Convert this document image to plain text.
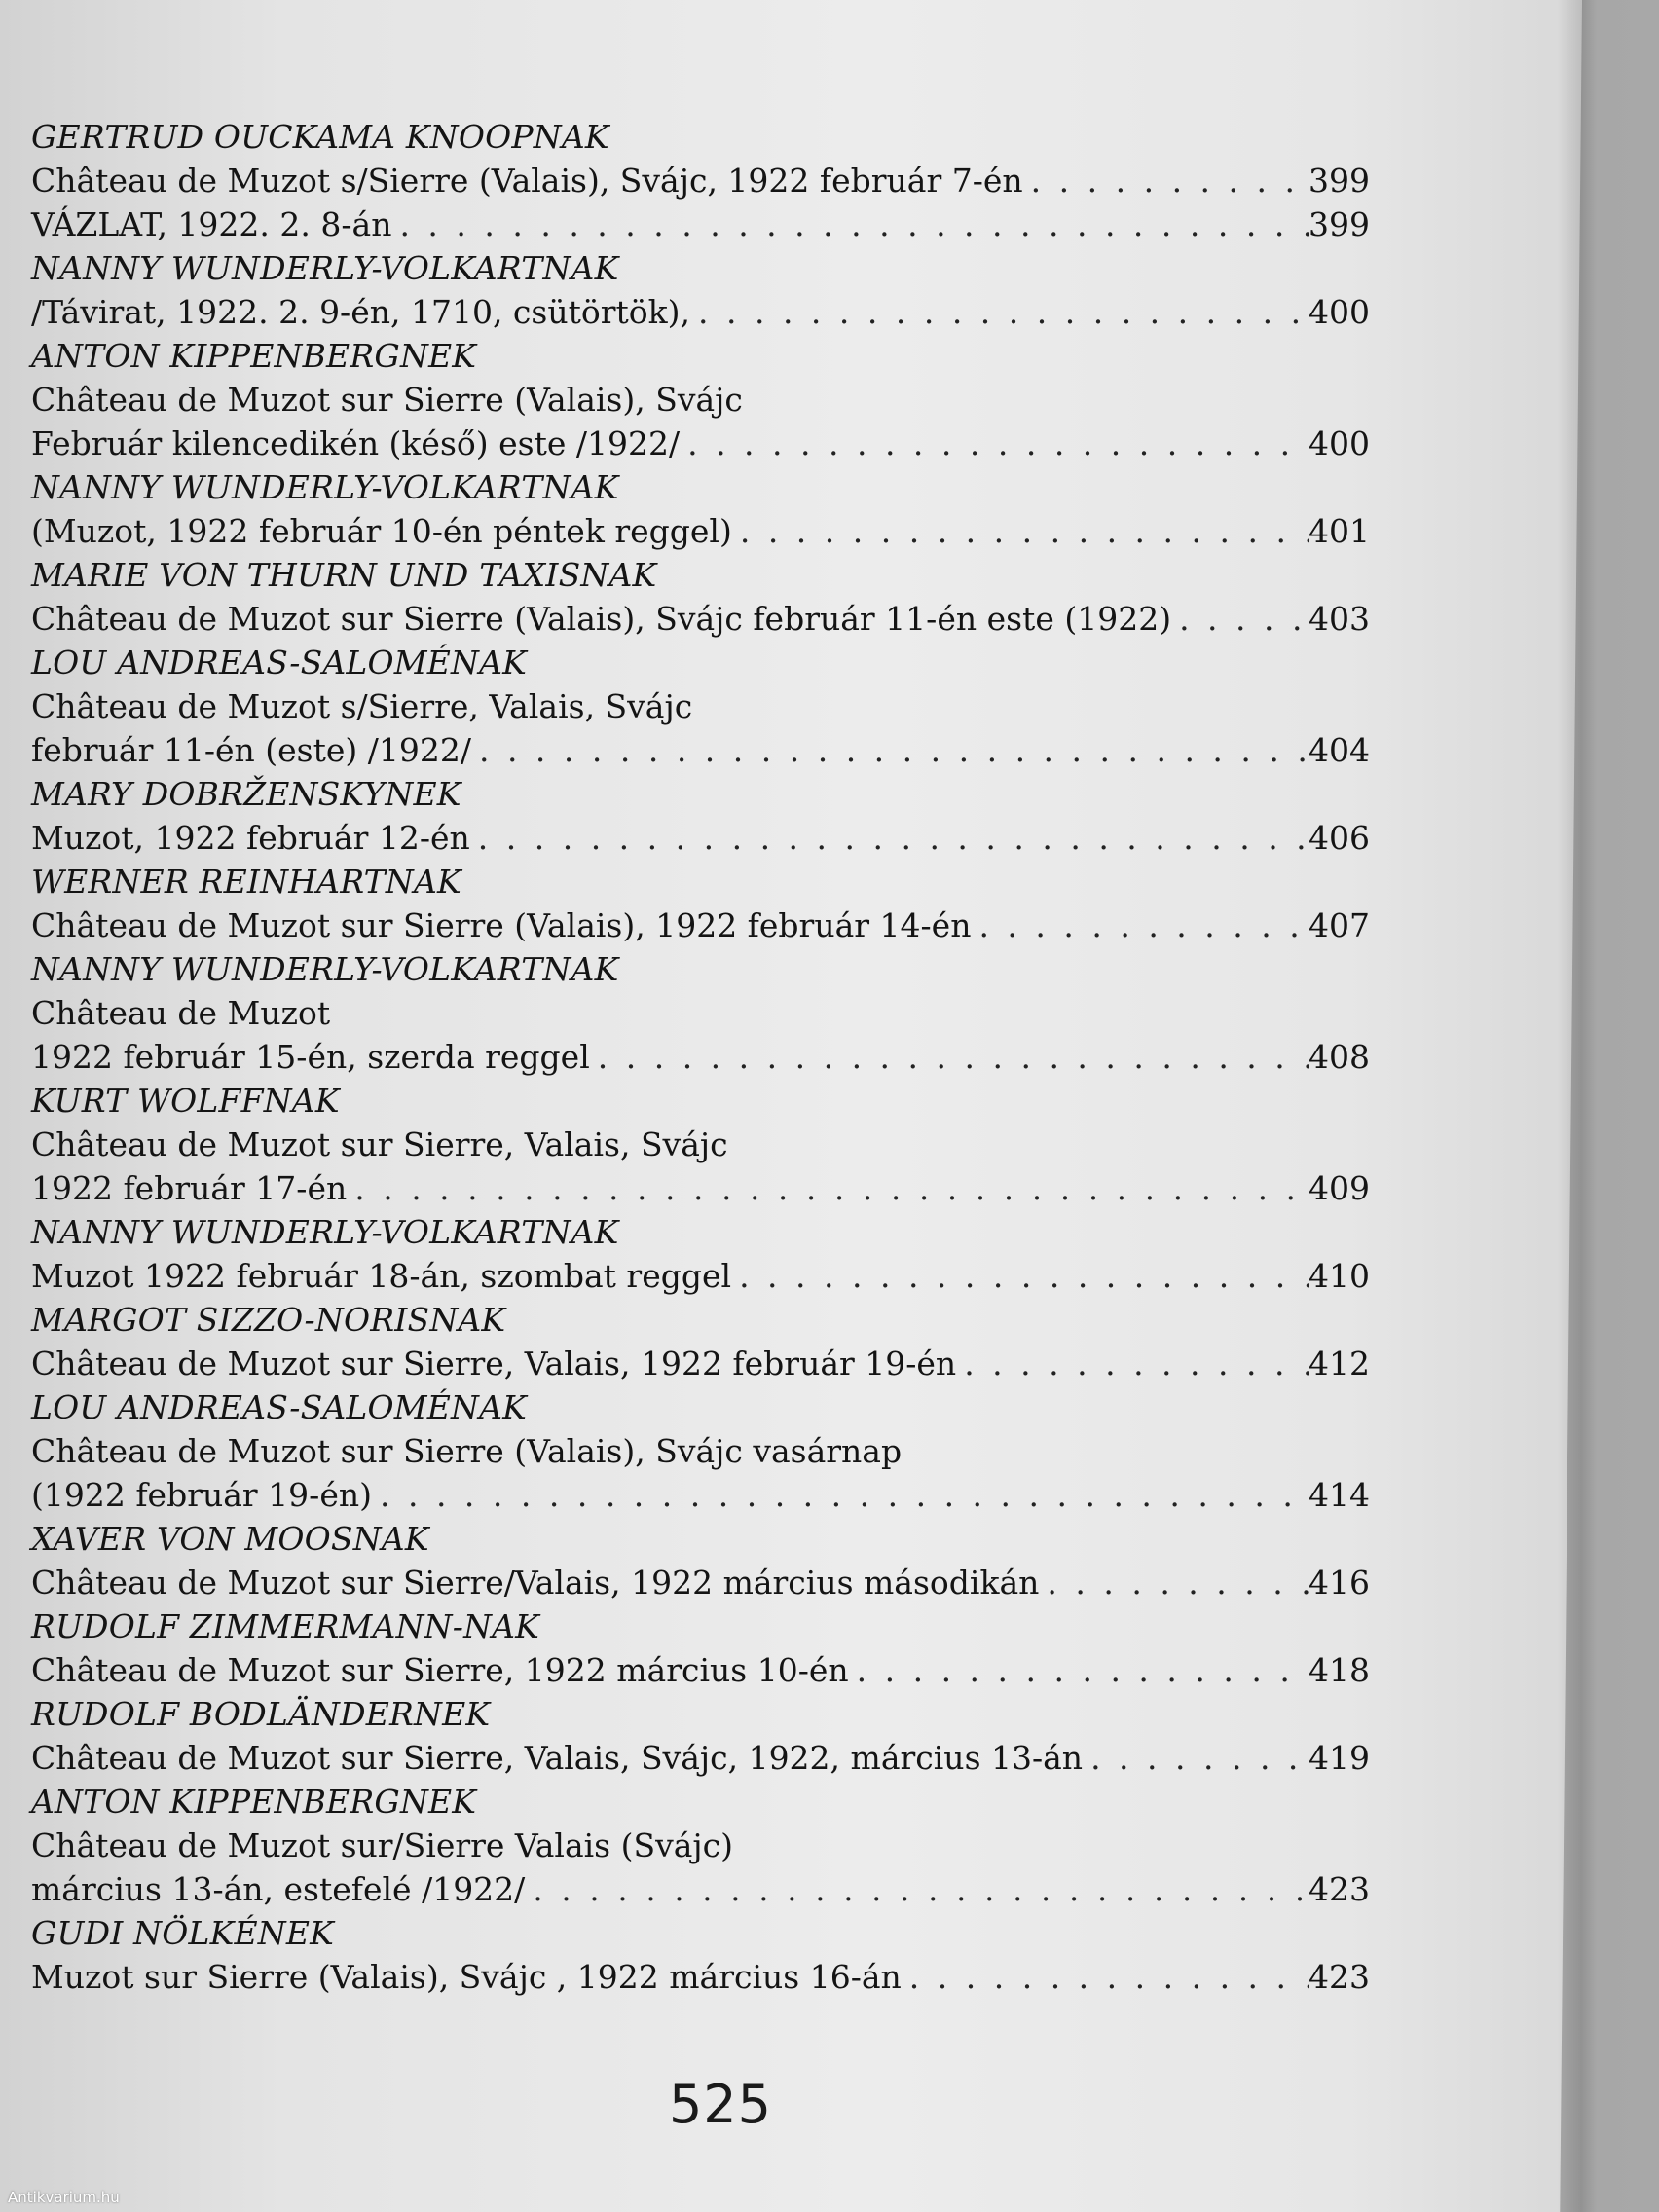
GERTRUD OUCKAMA KNOOPNAK
Château de Muzot s/Sierre (Valais), Svájc, 1922 február 7-én . . .	399
VÁZLAT, 1922. 2. 8-án . . .	399
NANNY WUNDERLY-VOLKARTNAK
/Távirat, 1922. 2. 9-én, 1710, csütörtök), . . .	400
ANTON KIPPENBERGNEK
Château de Muzot sur Sierre (Valais), Svájc
Február kilencedikén (késő) este /1922/ . . .	400
NANNY WUNDERLY-VOLKARTNAK
(Muzot, 1922 február 10-én péntek reggel) . . .	401
MARIE VON THURN UND TAXISNAK
Château de Muzot sur Sierre (Valais), Svájc február 11-én este (1922) . . .	403
LOU ANDREAS-SALOMÉNAK
Château de Muzot s/Sierre, Valais, Svájc
február 11-én (este) /1922/ . . .	404
MARY DOBRŽENSKYNEK
Muzot, 1922 február 12-én . . .	406
WERNER REINHARTNAK
Château de Muzot sur Sierre (Valais), 1922 február 14-én . . .	407
NANNY WUNDERLY-VOLKARTNAK
Château de Muzot
1922 február 15-én, szerda reggel . . .	408
KURT WOLFFNAK
Château de Muzot sur Sierre, Valais, Svájc
1922 február 17-én . . .	409
NANNY WUNDERLY-VOLKARTNAK
Muzot 1922 február 18-án, szombat reggel . . .	410
MARGOT SIZZO-NORISNAK
Château de Muzot sur Sierre, Valais, 1922 február 19-én . . .	412
LOU ANDREAS-SALOMÉNAK
Château de Muzot sur Sierre (Valais), Svájc vasárnap
(1922 február 19-én) . . .	414
XAVER VON MOOSNAK
Château de Muzot sur Sierre/Valais, 1922 március másodikán . . .	416
RUDOLF ZIMMERMANN-NAK
Château de Muzot sur Sierre, 1922 március 10-én . . .	418
RUDOLF BODLÄNDERNEK
Château de Muzot sur Sierre, Valais, Svájc, 1922, március 13-án . . .	419
ANTON KIPPENBERGNEK
Château de Muzot sur/Sierre Valais (Svájc)
március 13-án, estefelé /1922/ . . .	423
GUDI NÖLKÉNEK
Muzot sur Sierre (Valais), Svájc , 1922 március 16-án . . .	423
525
Antikvarium.hu
